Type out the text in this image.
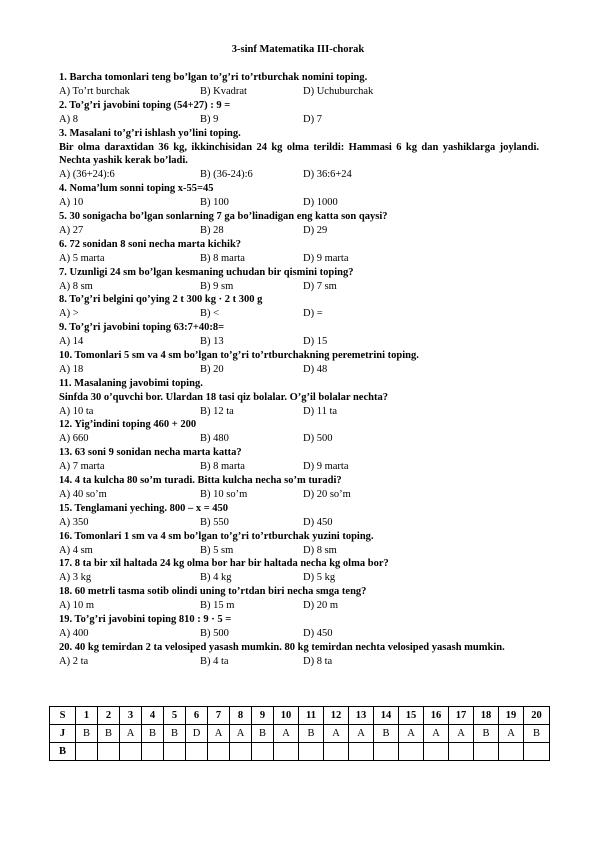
3-sinf Matematika III-chorak
1. Barcha tomonlari teng bo’lgan to’g’ri to’rtburchak nomini toping.
A) To’rt burchak	B) Kvadrat	D) Uchuburchak
2. To’g’ri javobini toping (54+27) : 9 =
A) 8	B) 9	D) 7
3. Masalani to’g’ri ishlash yo’lini toping.
Bir olma daraxtidan 36 kg, ikkinchisidan 24 kg olma terildi: Hammasi 6 kg dan yashiklarga joylandi. Nechta yashik kerak bo’ladi.
A) (36+24):6	B) (36-24):6	D) 36:6+24
4. Noma’lum sonni toping x-55=45
A) 10	B) 100	D) 1000
5. 30 sonigacha bo’lgan sonlarning 7 ga bo’linadigan eng katta son qaysi?
A) 27	B) 28	D) 29
6. 72 sonidan 8 soni necha marta kichik?
A) 5 marta	B) 8 marta	D) 9 marta
7. Uzunligi 24 sm bo’lgan kesmaning uchudan bir qismini toping?
A) 8 sm	B) 9 sm	D) 7 sm
8. To’g’ri belgini qo’ying 2 t 300 kg · 2 t 300 g
A) >	B) <	D) =
9. To’g’ri javobini toping 63:7+40:8=
A) 14	B) 13	D) 15
10. Tomonlari 5 sm va 4 sm bo’lgan to’g’ri to’rtburchakning peremetrini toping.
A) 18	B) 20	D) 48
11. Masalaning javobimi toping.
Sinfda 30 o’quvchi bor. Ulardan 18 tasi qiz bolalar. O’g’il bolalar nechta?
A) 10 ta	B) 12 ta	D) 11 ta
12. Yig’indini toping 460 + 200
A) 660	B) 480	D) 500
13. 63 soni 9 sonidan necha marta katta?
A) 7 marta	B) 8 marta	D) 9 marta
14. 4 ta kulcha 80 so’m turadi. Bitta kulcha necha so’m turadi?
A) 40 so’m	B) 10 so’m	D) 20 so’m
15. Tenglamani yeching. 800 – x = 450
A) 350	B) 550	D) 450
16. Tomonlari 1 sm va 4 sm bo’lgan to’g’ri to’rtburchak yuzini toping.
A) 4 sm	B) 5 sm	D) 8 sm
17. 8 ta bir xil haltada 24 kg olma bor har bir haltada necha kg olma bor?
A) 3 kg	B) 4 kg	D) 5 kg
18. 60 metrli tasma sotib olindi uning to’rtdan biri necha smga teng?
A) 10 m	B) 15 m	D) 20 m
19. To’g’ri javobini toping 810 : 9 · 5 =
A) 400	B) 500	D) 450
20. 40 kg temirdan 2 ta velosiped yasash mumkin. 80 kg temirdan nechta velosiped yasash mumkin.
A) 2 ta	B) 4 ta	D) 8 ta
S	1	2	3	4	5	6	7	8	9	10	11	12	13	14	15	16	17	18	19	20
J	B	B	A	B	B	D	A	A	B	A	B	A	A	B	A	A	A	B	A	B
B																				
